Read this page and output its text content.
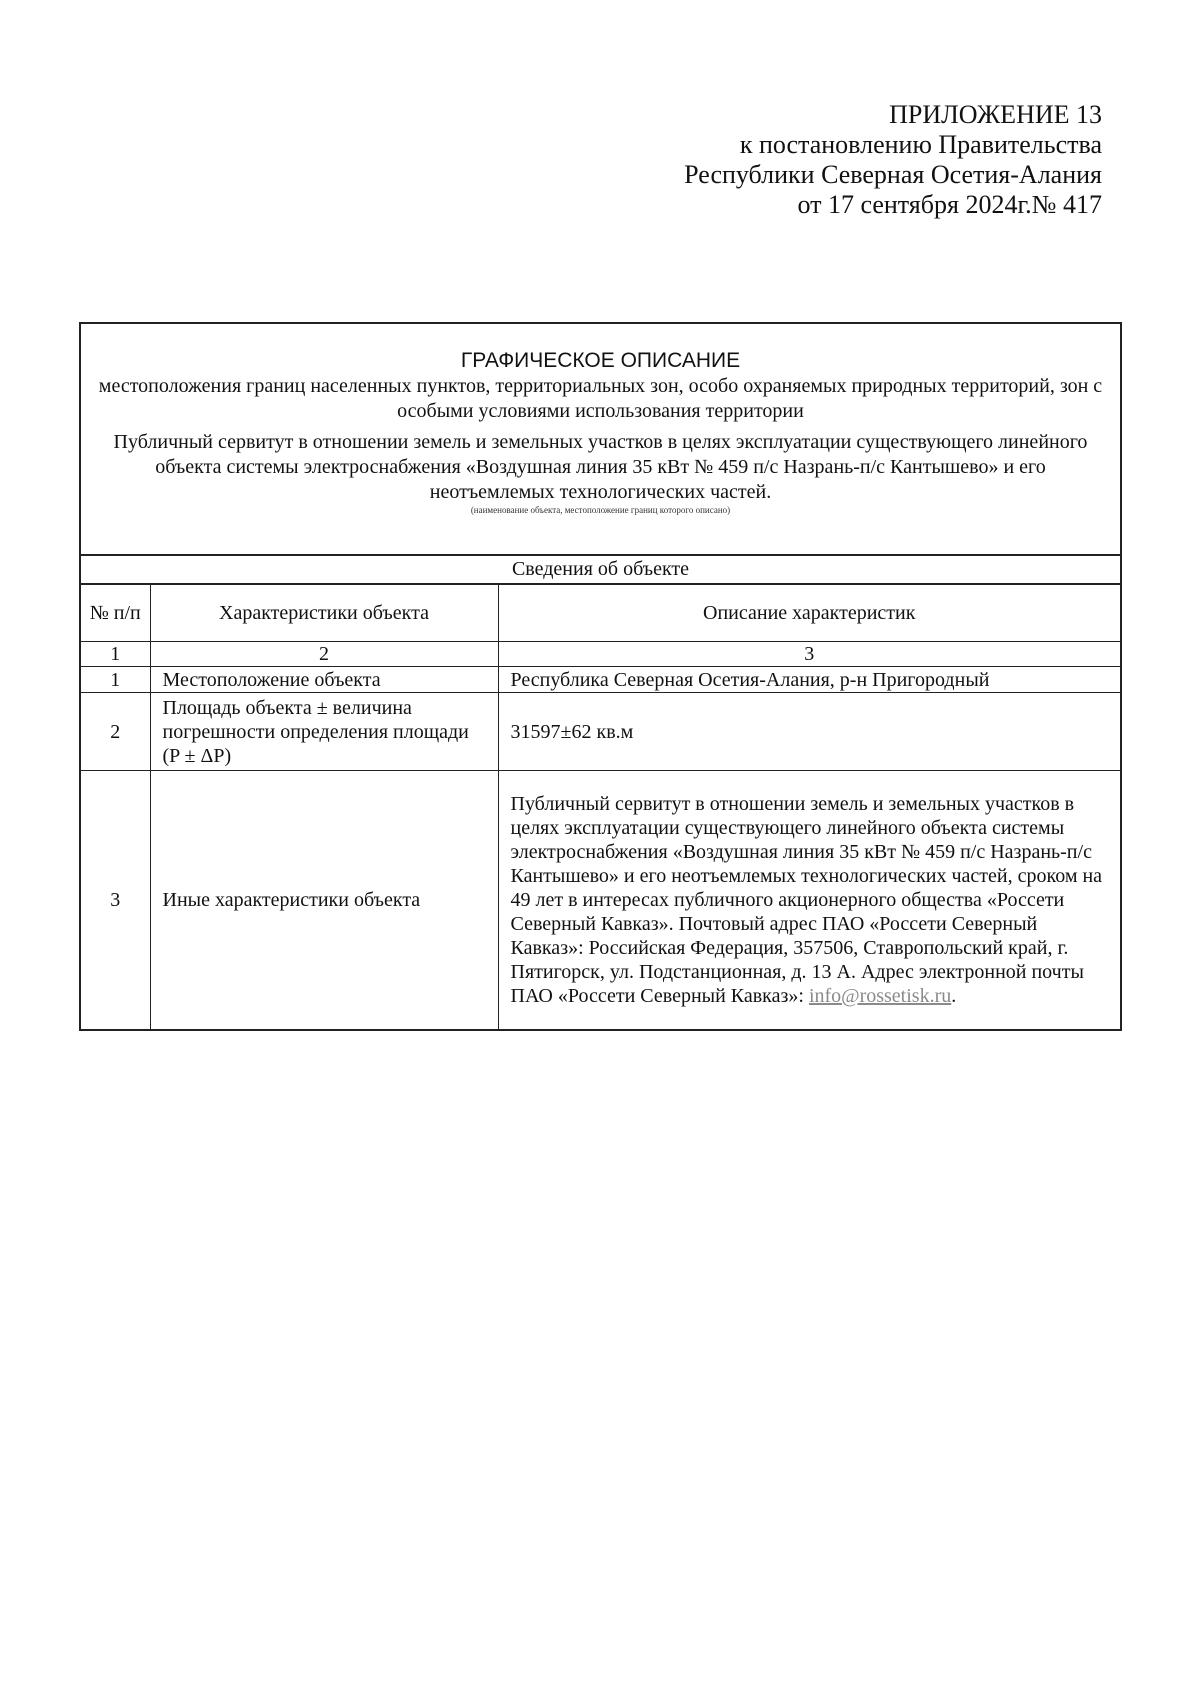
ПРИЛОЖЕНИЕ 13
к постановлению Правительства
Республики Северная Осетия-Алания
от 17 сентября 2024г.№ 417
ГРАФИЧЕСКОЕ ОПИСАНИЕ
местоположения границ населенных пунктов, территориальных зон, особо охраняемых природных территорий, зон с особыми условиями использования территории
Публичный сервитут в отношении земель и земельных участков в целях эксплуатации существующего линейного объекта системы электроснабжения «Воздушная линия 35 кВт № 459 п/с Назрань-п/с Кантышево» и его неотъемлемых технологических частей.
(наименование объекта, местоположение границ которого описано)
Сведения об объекте
№ п/п	Характеристики объекта	Описание характеристик
1	2	3
1	Местоположение объекта	Республика Северная Осетия-Алания, р-н Пригородный
2	Площадь объекта ± величина погрешности определения площади (P ± ΔP)	31597±62 кв.м
3	Иные характеристики объекта	Публичный сервитут в отношении земель и земельных участков в целях эксплуатации существующего линейного объекта системы электроснабжения «Воздушная линия 35 кВт № 459 п/с Назрань-п/с Кантышево» и его неотъемлемых технологических частей, сроком на 49 лет в интересах публичного акционерного общества «Россети Северный Кавказ». Почтовый адрес ПАО «Россети Северный Кавказ»: Российская Федерация, 357506, Ставропольский край, г. Пятигорск, ул. Подстанционная, д. 13 А. Адрес электронной почты ПАО «Россети Северный Кавказ»: info@rossetisk.ru.
